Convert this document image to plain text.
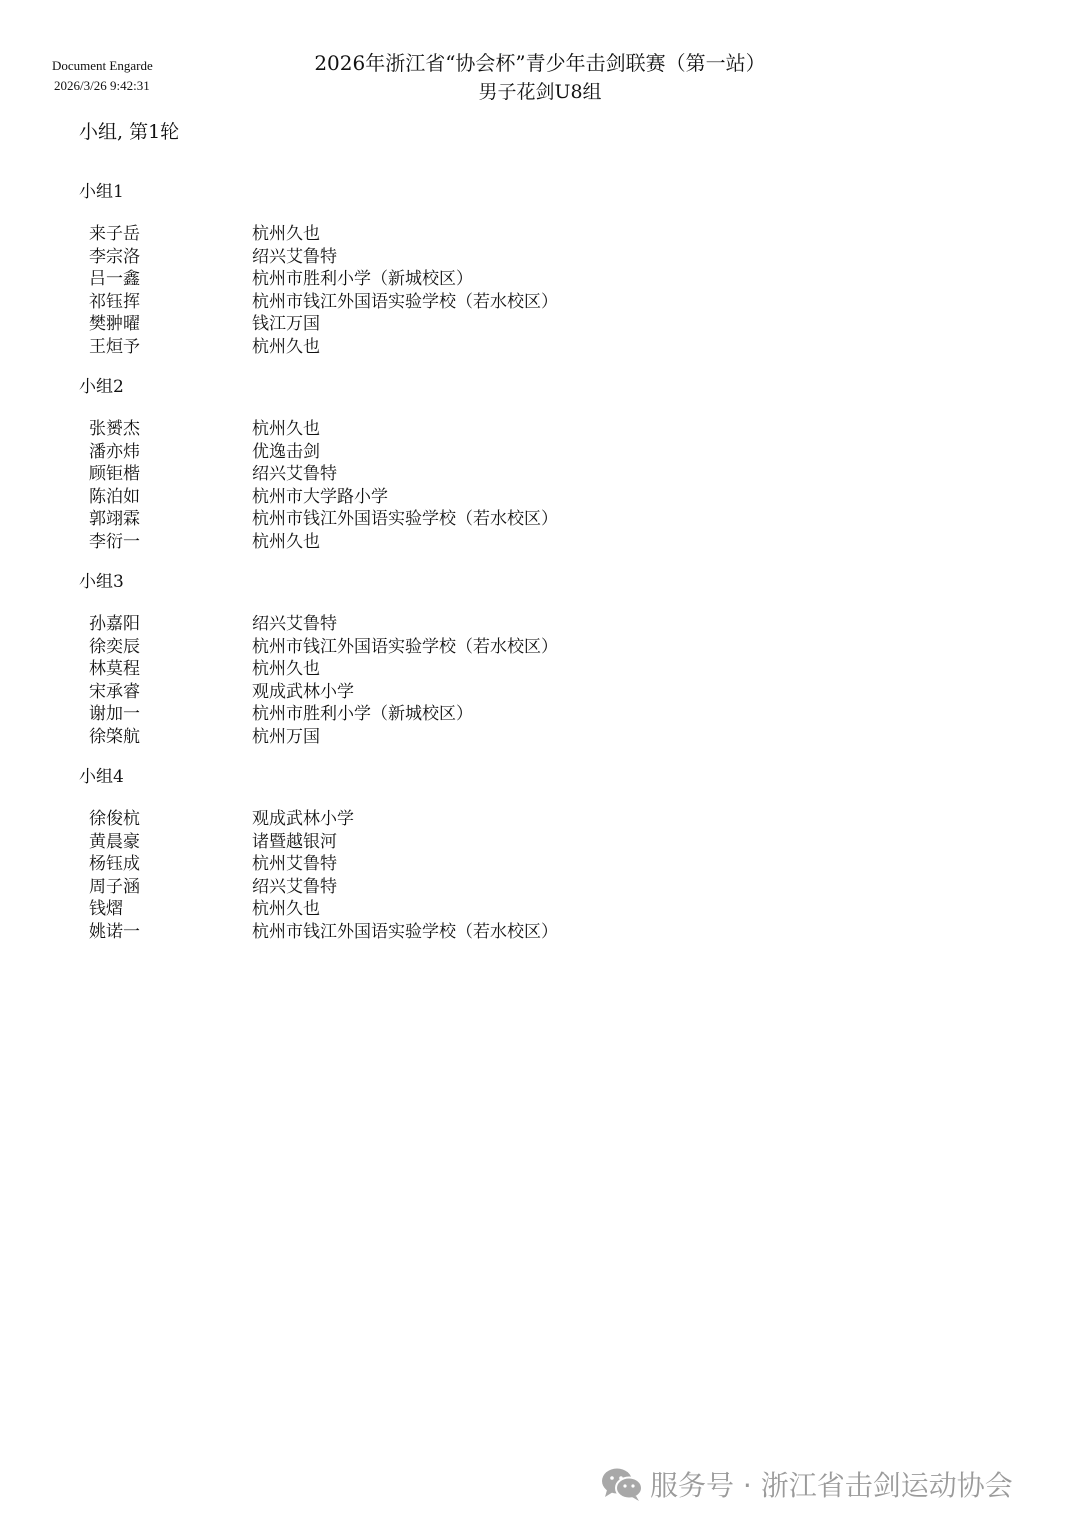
Document Engarde
2026/3/26 9:42:31
2026年浙江省“协会杯”青少年击剑联赛（第一站）
男子花剑U8组
小组, 第1轮
小组1
来子岳	杭州久也
李宗洛	绍兴艾鲁特
吕一鑫	杭州市胜利小学（新城校区）
祁钰挥	杭州市钱江外国语实验学校（若水校区）
樊翀曜	钱江万国
王烜予	杭州久也
小组2
张赟杰	杭州久也
潘亦炜	优逸击剑
顾钜楷	绍兴艾鲁特
陈泊如	杭州市大学路小学
郭翊霖	杭州市钱江外国语实验学校（若水校区）
李衍一	杭州久也
小组3
孙嘉阳	绍兴艾鲁特
徐奕辰	杭州市钱江外国语实验学校（若水校区）
林莫程	杭州久也
宋承睿	观成武林小学
谢加一	杭州市胜利小学（新城校区）
徐棨航	杭州万国
小组4
徐俊杭	观成武林小学
黄晨豪	诸暨越银河
杨钰成	杭州艾鲁特
周子涵	绍兴艾鲁特
钱熠	杭州久也
姚诺一	杭州市钱江外国语实验学校（若水校区）
服务号 · 浙江省击剑运动协会
